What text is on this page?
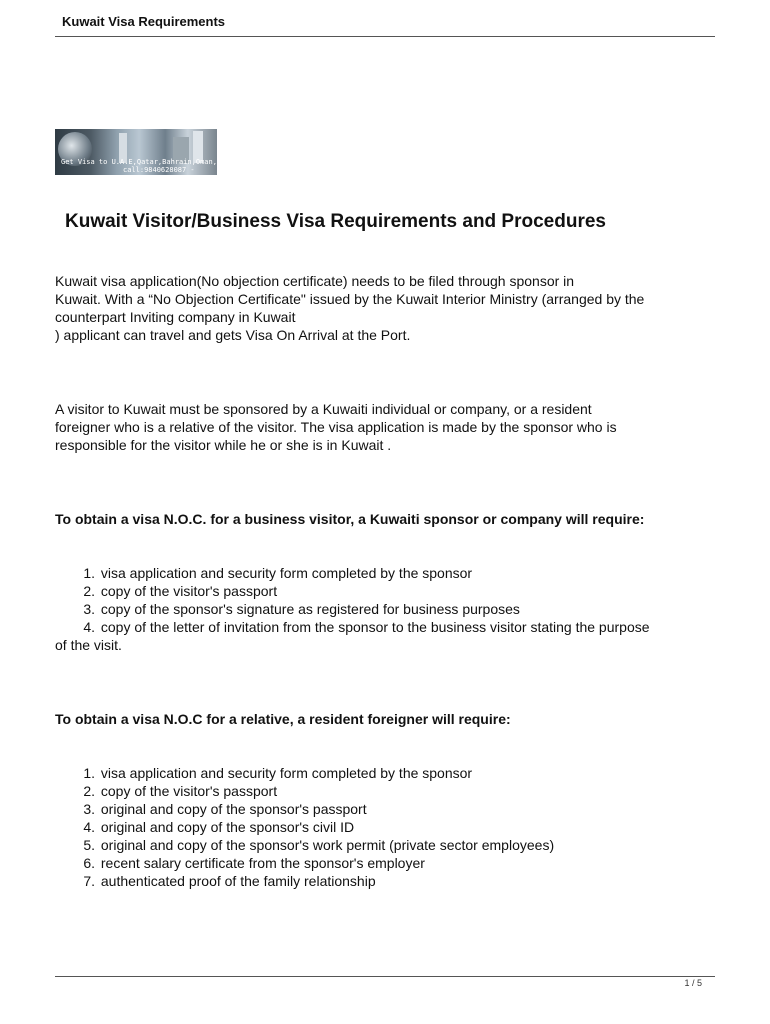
Kuwait Visa Requirements
Get Visa to U.A.E,Qatar,Bahrain,Oman,Saudi
call:9840628087 -
Kuwait Visitor/Business Visa Requirements and Procedures
Kuwait visa application(No objection certificate) needs to be filed through sponsor in
Kuwait. With a “No Objection Certificate" issued by the Kuwait Interior Ministry (arranged by the
counterpart Inviting company in Kuwait
) applicant can travel and gets Visa On Arrival at the Port.
A visitor to Kuwait must be sponsored by a Kuwaiti individual or company, or a resident
foreigner who is a relative of the visitor. The visa application is made by the sponsor who is
responsible for the visitor while he or she is in Kuwait .
To obtain a visa N.O.C. for a business visitor, a Kuwaiti sponsor or company will require:
1. visa application and security form completed by the sponsor
2. copy of the visitor's passport
3. copy of the sponsor's signature as registered for business purposes
4. copy of the letter of invitation from the sponsor to the business visitor stating the purpose
of the visit.
To obtain a visa N.O.C for a relative, a resident foreigner will require:
1. visa application and security form completed by the sponsor
2. copy of the visitor's passport
3. original and copy of the sponsor's passport
4. original and copy of the sponsor's civil ID
5. original and copy of the sponsor's work permit (private sector employees)
6. recent salary certificate from the sponsor's employer
7. authenticated proof of the family relationship
1 / 5
